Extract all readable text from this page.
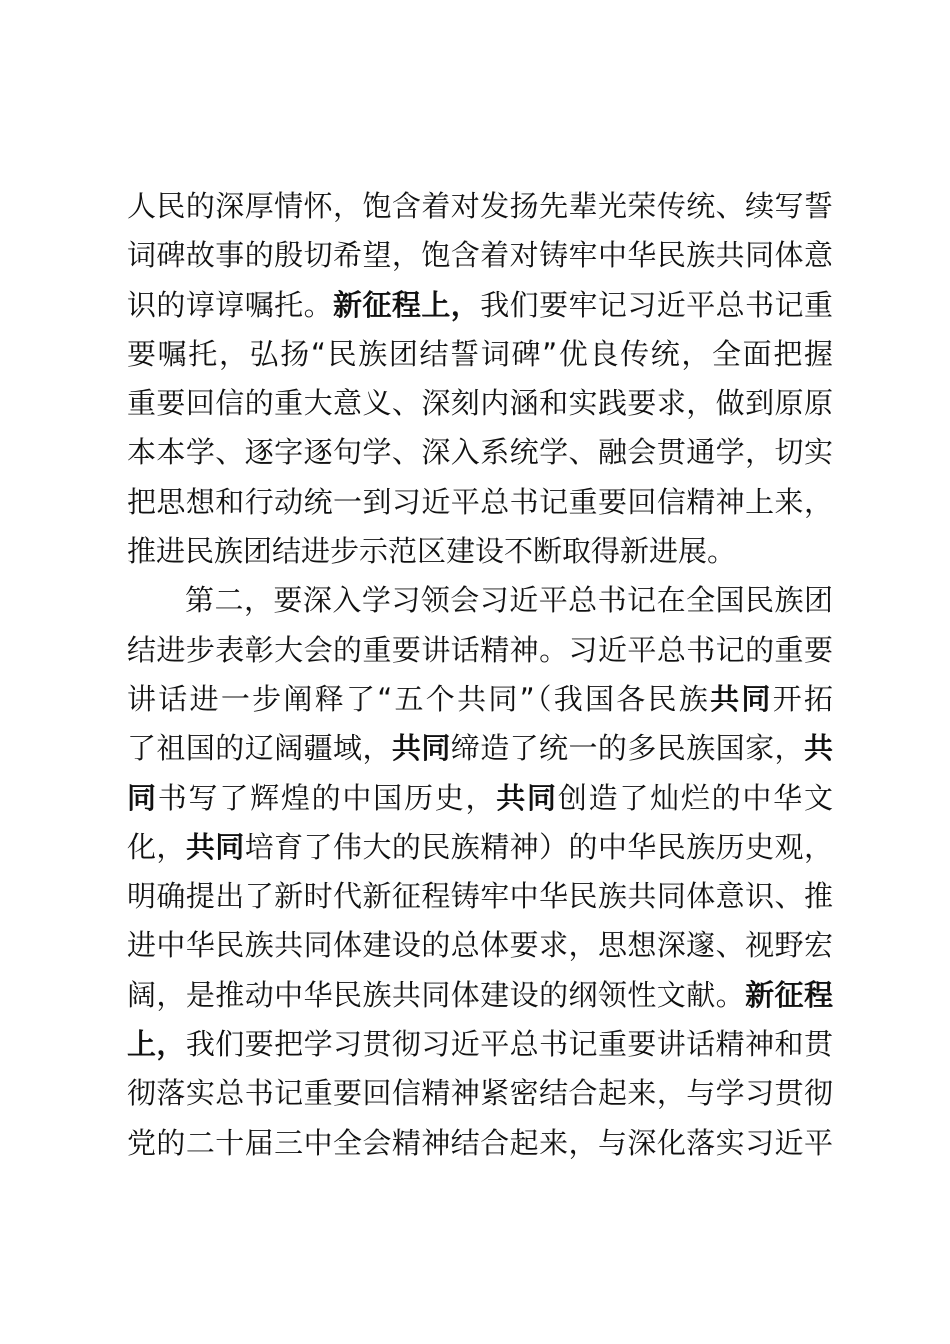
人民的深厚情怀，饱含着对发扬先辈光荣传统、续写誓
词碑故事的殷切希望，饱含着对铸牢中华民族共同体意
识的谆谆嘱托。新征程上，我们要牢记习近平总书记重
要嘱托，弘扬“民族团结誓词碑”优良传统，全面把握
重要回信的重大意义、深刻内涵和实践要求，做到原原
本本学、逐字逐句学、深入系统学、融会贯通学，切实
把思想和行动统一到习近平总书记重要回信精神上来，
推进民族团结进步示范区建设不断取得新进展。
第二，要深入学习领会习近平总书记在全国民族团
结进步表彰大会的重要讲话精神。习近平总书记的重要
讲话进一步阐释了“五个共同”（我国各民族共同开拓
了祖国的辽阔疆域，共同缔造了统一的多民族国家，共
同书写了辉煌的中国历史，共同创造了灿烂的中华文
化，共同培育了伟大的民族精神）的中华民族历史观，
明确提出了新时代新征程铸牢中华民族共同体意识、推
进中华民族共同体建设的总体要求，思想深邃、视野宏
阔，是推动中华民族共同体建设的纲领性文献。新征程
上，我们要把学习贯彻习近平总书记重要讲话精神和贯
彻落实总书记重要回信精神紧密结合起来，与学习贯彻
党的二十届三中全会精神结合起来，与深化落实习近平
